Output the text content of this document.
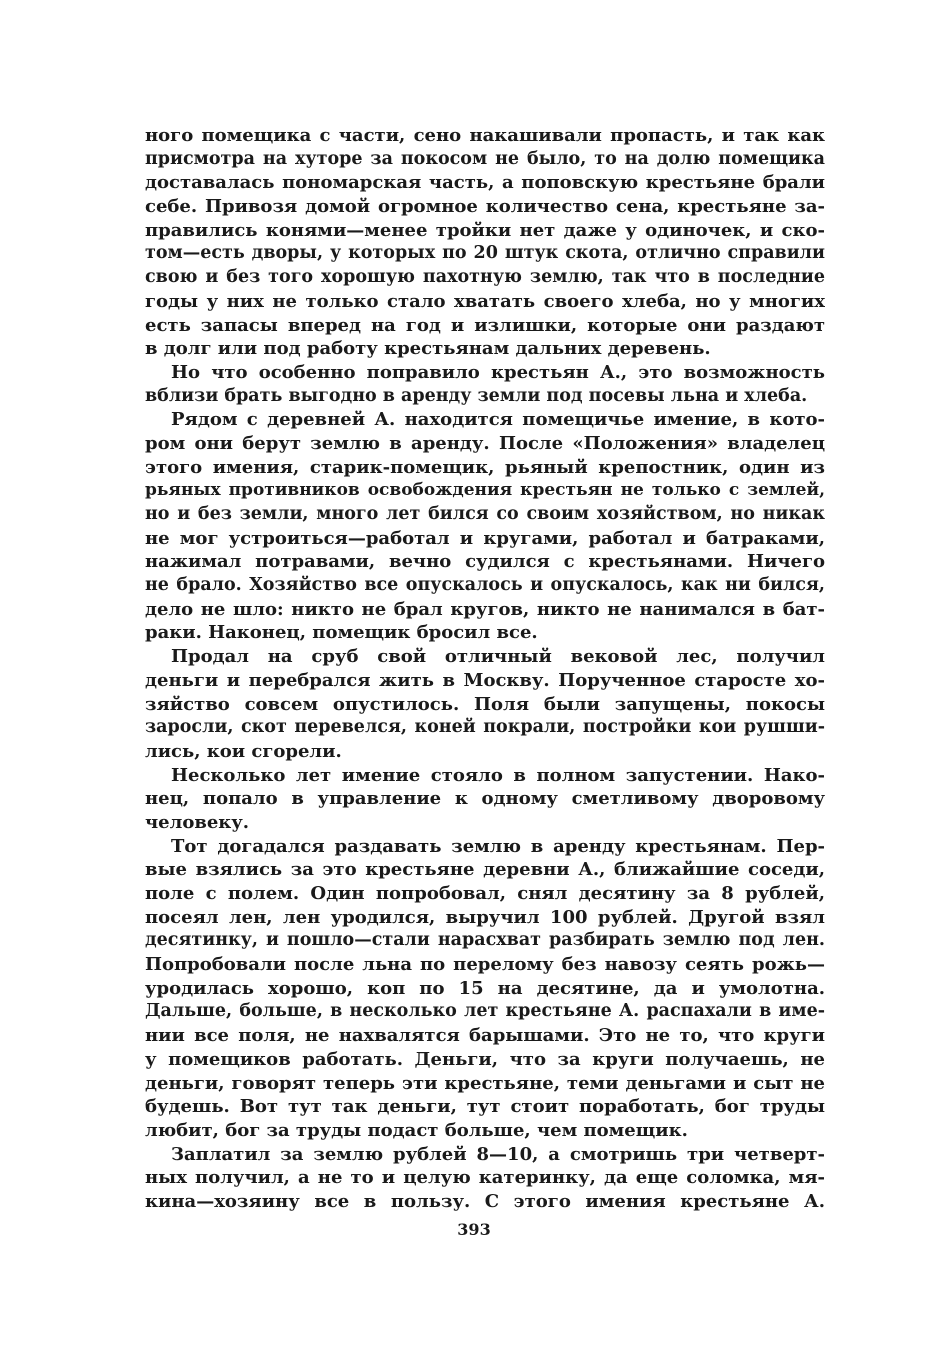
ного помещика с части, сено накашивали пропасть, и так как
присмотра на хуторе за покосом не было, то на долю помещика
доставалась пономарская часть, а поповскую крестьяне брали
себе. Привозя домой огромное количество сена, крестьяне за-
правились конями—менее тройки нет даже у одиночек, и ско-
том—есть дворы, у которых по 20 штук скота, отлично справили
свою и без того хорошую пахотную землю, так что в последние
годы у них не только стало хватать своего хлеба, но у многих
есть запасы вперед на год и излишки, которые они раздают
в долг или под работу крестьянам дальних деревень.
Но что особенно поправило крестьян А., это возможность
вблизи брать выгодно в аренду земли под посевы льна и хлеба.
Рядом с деревней А. находится помещичье имение, в кото-
ром они берут землю в аренду. После «Положения» владелец
этого имения, старик-помещик, рьяный крепостник, один из
рьяных противников освобождения крестьян не только с землей,
но и без земли, много лет бился со своим хозяйством, но никак
не мог устроиться—работал и кругами, работал и батраками,
нажимал потравами, вечно судился с крестьянами. Ничего
не брало. Хозяйство все опускалось и опускалось, как ни бился,
дело не шло: никто не брал кругов, никто не нанимался в бат-
раки. Наконец, помещик бросил все.
Продал на сруб свой отличный вековой лес, получил
деньги и перебрался жить в Москву. Порученное старосте хо-
зяйство совсем опустилось. Поля были запущены, покосы
заросли, скот перевелся, коней покрали, постройки кои рушши-
лись, кои сгорели.
Несколько лет имение стояло в полном запустении. Нако-
нец, попало в управление к одному сметливому дворовому
человеку.
Тот догадался раздавать землю в аренду крестьянам. Пер-
вые взялись за это крестьяне деревни А., ближайшие соседи,
поле с полем. Один попробовал, снял десятину за 8 рублей,
посеял лен, лен уродился, выручил 100 рублей. Другой взял
десятинку, и пошло—стали нарасхват разбирать землю под лен.
Попробовали после льна по перелому без навозу сеять рожь—
уродилась хорошо, коп по 15 на десятине, да и умолотна.
Дальше, больше, в несколько лет крестьяне А. распахали в име-
нии все поля, не нахвалятся барышами. Это не то, что круги
у помещиков работать. Деньги, что за круги получаешь, не
деньги, говорят теперь эти крестьяне, теми деньгами и сыт не
будешь. Вот тут так деньги, тут стоит поработать, бог труды
любит, бог за труды подаст больше, чем помещик.
Заплатил за землю рублей 8—10, а смотришь три четверт-
ных получил, а не то и целую катеринку, да еще соломка, мя-
кина—хозяину все в пользу. С этого имения крестьяне А.
393
